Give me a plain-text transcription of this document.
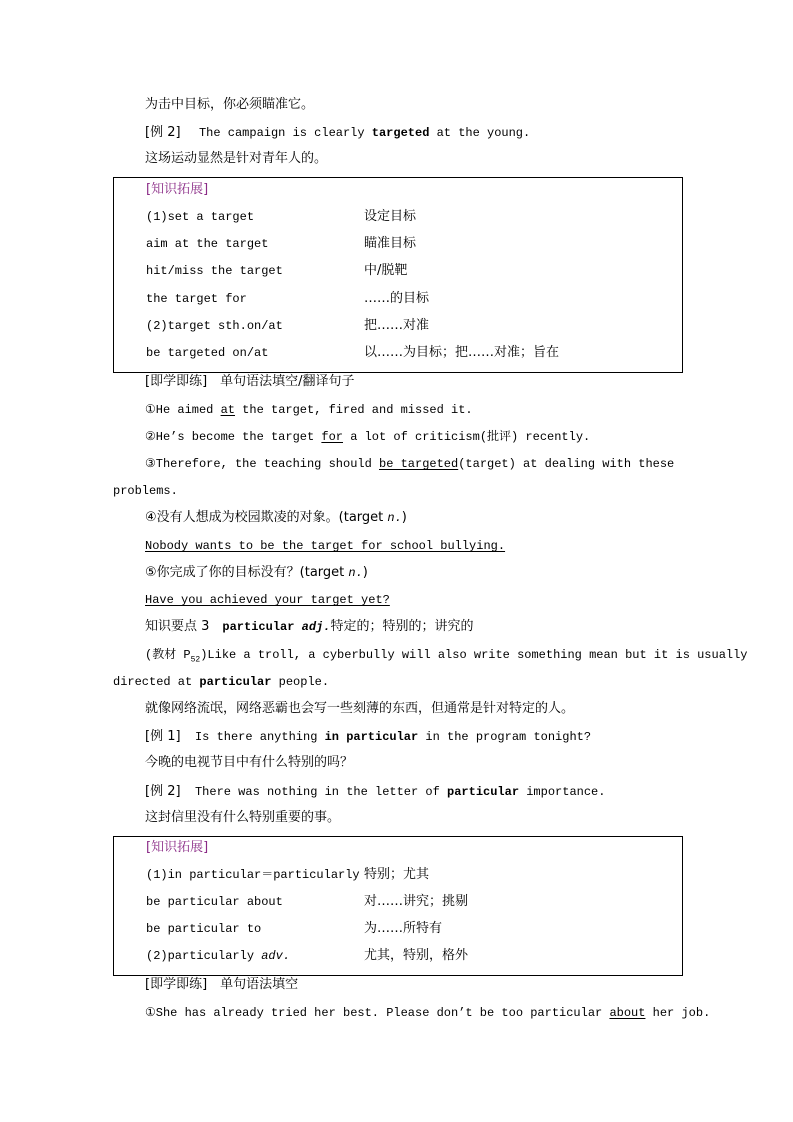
为击中目标，你必须瞄准它。
[例 2] The campaign is clearly targeted at the young.
这场运动显然是针对青年人的。
[知识拓展]
(1)set a target	设定目标
aim at the target	瞄准目标
hit/miss the target	中/脱靶
the target for	……的目标
(2)target sth.on/at	把……对准
be targeted on/at	以……为目标；把……对准；旨在
[即学即练]　单句语法填空/翻译句子
①He aimed at the target, fired and missed it.
②He’s become the target for a lot of criticism(批评) recently.
③Therefore, the teaching should be targeted(target) at dealing with these
problems.
④没有人想成为校园欺凌的对象。(target n.)
Nobody wants to be the target for school bullying.
⑤你完成了你的目标没有？(target n.)
Have you achieved your target yet?
知识要点 3　particular adj.特定的；特别的；讲究的
(教材 $P_{52})Like$ a troll, a cyberbully will also write something mean but it is usually
directed at particular people.
就像网络流氓，网络恶霸也会写一些刻薄的东西，但通常是针对特定的人。
[例 1] Is there anything in particular in the program tonight?
今晚的电视节目中有什么特别的吗？
[例 2] There was nothing in the letter of particular importance.
这封信里没有什么特别重要的事。
[知识拓展]
(1)in particular＝particularly 特别；尤其
be particular about	对……讲究；挑剔
be particular to	为……所特有
(2)particularly adv.	尤其，特别，格外
[即学即练]　单句语法填空
①She has already tried her best. Please don’t be too particular about her job.
